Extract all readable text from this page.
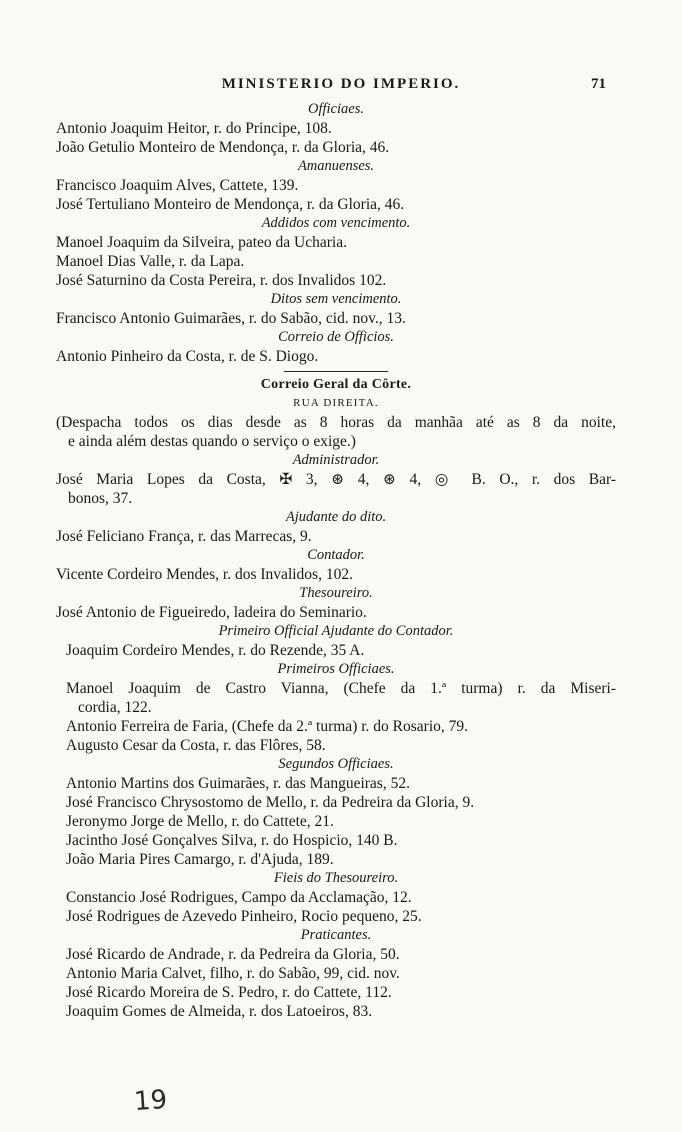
MINISTERIO DO IMPERIO.	71
Officiaes.
Antonio Joaquim Heitor, r. do Principe, 108.
João Getulio Monteiro de Mendonça, r. da Gloria, 46.
Amanuenses.
Francisco Joaquim Alves, Cattete, 139.
José Tertuliano Monteiro de Mendonça, r. da Gloria, 46.
Addidos com vencimento.
Manoel Joaquim da Silveira, pateo da Ucharia.
Manoel Dias Valle, r. da Lapa.
José Saturnino da Costa Pereira, r. dos Invalidos 102.
Ditos sem vencimento.
Francisco Antonio Guimarães, r. do Sabão, cid. nov., 13.
Correio de Officios.
Antonio Pinheiro da Costa, r. de S. Diogo.
Correio Geral da Côrte.
RUA DIREITA.
(Despacha todos os dias desde as 8 horas da manhãa até as 8 da noite,
e ainda além destas quando o serviço o exige.)
Administrador.
José Maria Lopes da Costa, ✠ 3, ⊛ 4, ⊛ 4, ◎ B. O., r. dos Bar-
bonos, 37.
Ajudante do dito.
José Feliciano França, r. das Marrecas, 9.
Contador.
Vicente Cordeiro Mendes, r. dos Invalidos, 102.
Thesoureiro.
José Antonio de Figueiredo, ladeira do Seminario.
Primeiro Official Ajudante do Contador.
Joaquim Cordeiro Mendes, r. do Rezende, 35 A.
Primeiros Officiaes.
Manoel Joaquim de Castro Vianna, (Chefe da 1.ª turma) r. da Miseri-
cordia, 122.
Antonio Ferreira de Faria, (Chefe da 2.ª turma) r. do Rosario, 79.
Augusto Cesar da Costa, r. das Flôres, 58.
Segundos Officiaes.
Antonio Martins dos Guimarães, r. das Mangueiras, 52.
José Francisco Chrysostomo de Mello, r. da Pedreira da Gloria, 9.
Jeronymo Jorge de Mello, r. do Cattete, 21.
Jacintho José Gonçalves Silva, r. do Hospicio, 140 B.
João Maria Pires Camargo, r. d'Ajuda, 189.
Fieis do Thesoureiro.
Constancio José Rodrigues, Campo da Acclamação, 12.
José Rodrigues de Azevedo Pinheiro, Rocio pequeno, 25.
Praticantes.
José Ricardo de Andrade, r. da Pedreira da Gloria, 50.
Antonio Maria Calvet, filho, r. do Sabão, 99, cid. nov.
José Ricardo Moreira de S. Pedro, r. do Cattete, 112.
Joaquim Gomes de Almeida, r. dos Latoeiros, 83.
19
